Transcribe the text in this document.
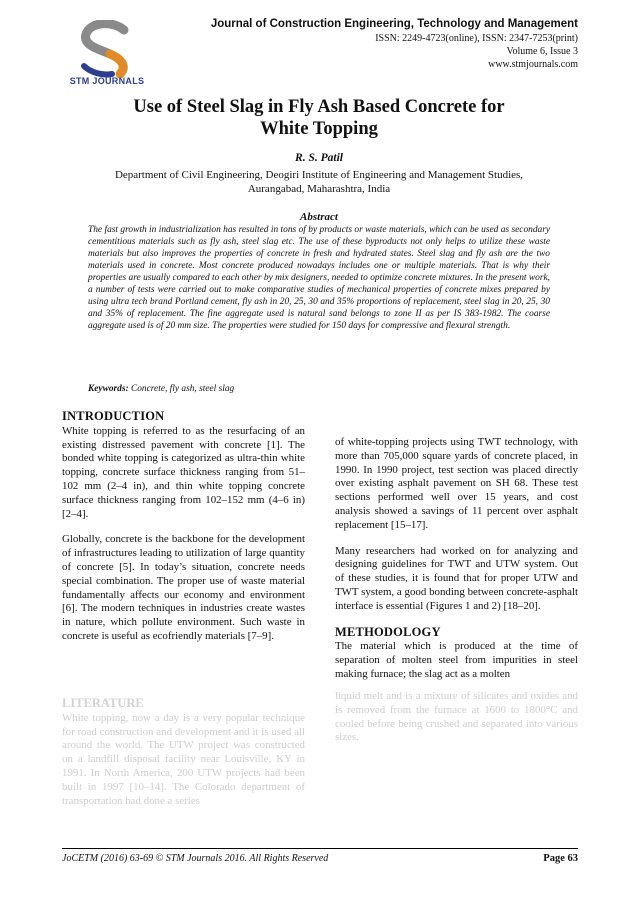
STM JOURNALS
Journal of Construction Engineering, Technology and Management
ISSN: 2249-4723(online), ISSN: 2347-7253(print)
Volume 6, Issue 3
www.stmjournals.com
Use of Steel Slag in Fly Ash Based Concrete for
White Topping
R. S. Patil
Department of Civil Engineering, Deogiri Institute of Engineering and Management Studies,
Aurangabad, Maharashtra, India
Abstract

The fast growth in industrialization has resulted in tons of by products or waste materials, which can be used as secondary cementitious materials such as fly ash, steel slag etc. The use of these byproducts not only helps to utilize these waste materials but also improves the properties of concrete in fresh and hydrated states. Steel slag and fly ash are the two materials used in concrete. Most concrete produced nowadays includes one or multiple materials. That is why their properties are usually compared to each other by mix designers, needed to optimize concrete mixtures. In the present work, a number of tests were carried out to make comparative studies of mechanical properties of concrete mixes prepared by using ultra tech brand Portland cement, fly ash in 20, 25, 30 and 35% proportions of replacement, steel slag in 20, 25, 30 and 35% of replacement. The fine aggregate used is natural sand belongs to zone II as per IS 383-1982. The coarse aggregate used is of 20 mm size. The properties were studied for 150 days for compressive and flexural strength.

Keywords: Concrete, fly ash, steel slag
INTRODUCTION

White topping is referred to as the resurfacing of an existing distressed pavement with concrete [1]. The bonded white topping is categorized as ultra-thin white topping, concrete surface thickness ranging from 51–102 mm (2–4 in), and thin white topping concrete surface thickness ranging from 102–152 mm (4–6 in) [2–4].

Globally, concrete is the backbone for the development of infrastructures leading to utilization of large quantity of concrete [5]. In today’s situation, concrete needs special combination. The proper use of waste material fundamentally affects our economy and environment [6]. The modern techniques in industries create wastes in nature, which pollute environment. Such waste in concrete is useful as ecofriendly materials [7–9].

LITERATURE

White topping, now a day is a very popular technique for road construction and development and it is used all around the world. The UTW project was constructed on a landfill disposal facility near Louisville, KY in 1991. In North America, 200 UTW projects had been built in 1997 [10–14]. The Colorado department of transportation had done a series

of white-topping projects using TWT technology, with more than 705,000 square yards of concrete placed, in 1990. In 1990 project, test section was placed directly over existing asphalt pavement on SH 68. These test sections performed well over 15 years, and cost analysis showed a savings of 11 percent over asphalt replacement [15–17].

Many researchers had worked on for analyzing and designing guidelines for TWT and UTW system. Out of these studies, it is found that for proper UTW and TWT system, a good bonding between concrete-asphalt interface is essential (Figures 1 and 2) [18–20].

METHODOLOGY

The material which is produced at the time of separation of molten steel from impurities in steel making furnace; the slag act as a molten

liquid melt and is a mixture of silicates and oxides and is removed from the furnace at 1600 to 1800°C and cooled before being crushed and separated into various sizes.

JoCETM (2016) 63-69 © STM Journals 2016. All Rights Reserved	Page 63
